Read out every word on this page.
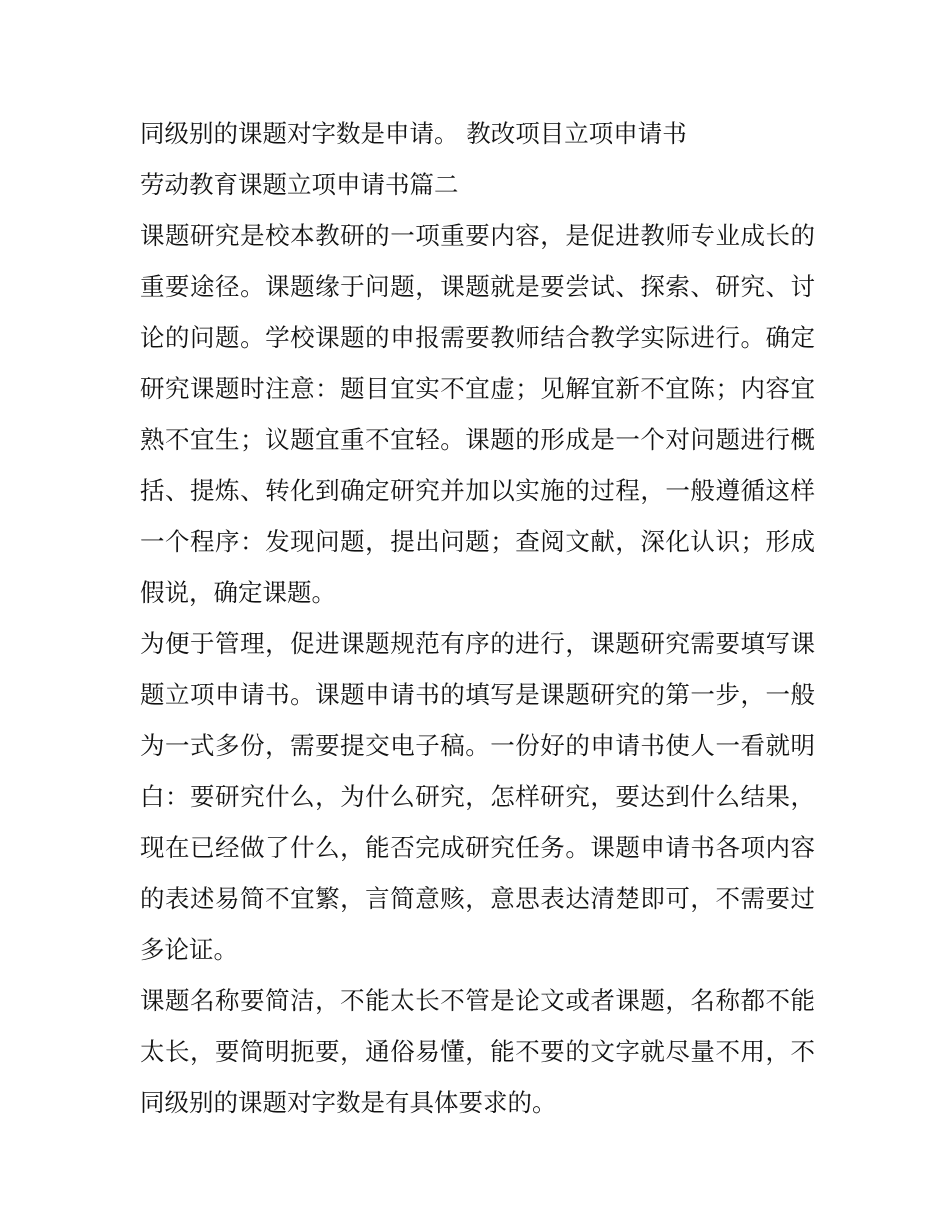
同级别的课题对字数是申请。 教改项目立项申请书

劳动教育课题立项申请书篇二

课题研究是校本教研的一项重要内容，是促进教师专业成长的重要途径。课题缘于问题，课题就是要尝试、探索、研究、讨论的问题。学校课题的申报需要教师结合教学实际进行。确定研究课题时注意：题目宜实不宜虚；见解宜新不宜陈；内容宜熟不宜生；议题宜重不宜轻。课题的形成是一个对问题进行概括、提炼、转化到确定研究并加以实施的过程，一般遵循这样一个程序：发现问题，提出问题；查阅文献，深化认识；形成假说，确定课题。

为便于管理，促进课题规范有序的进行，课题研究需要填写课题立项申请书。课题申请书的填写是课题研究的第一步，一般为一式多份，需要提交电子稿。一份好的申请书使人一看就明白：要研究什么，为什么研究，怎样研究，要达到什么结果，现在已经做了什么，能否完成研究任务。课题申请书各项内容的表述易简不宜繁，言简意赅，意思表达清楚即可，不需要过多论证。

课题名称要简洁，不能太长不管是论文或者课题，名称都不能太长，要简明扼要，通俗易懂，能不要的文字就尽量不用，不同级别的课题对字数是有具体要求的。
